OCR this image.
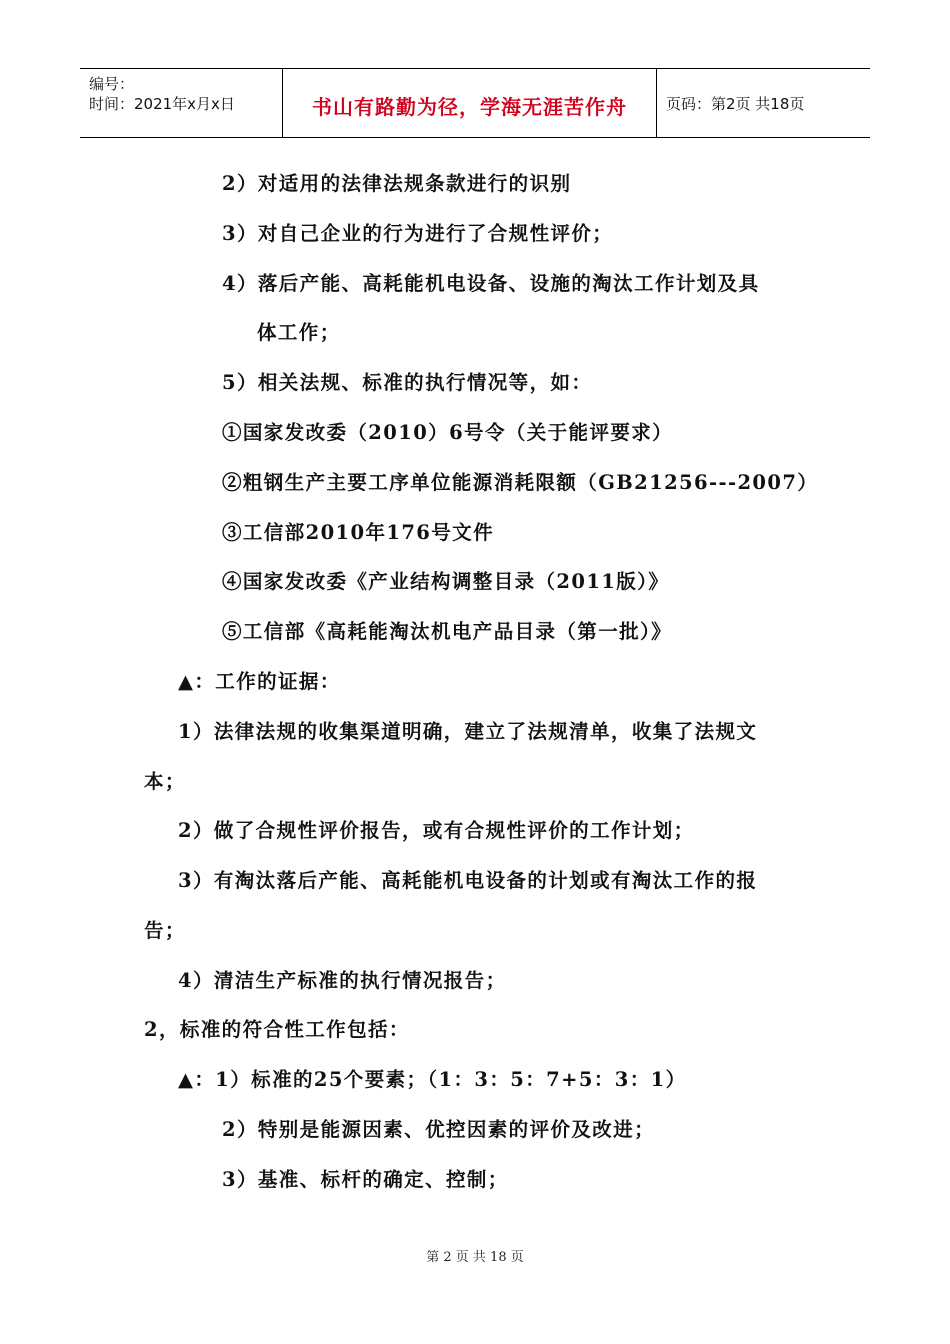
编号：
时间：2021年x月x日	书山有路勤为径，学海无涯苦作舟	页码：第2页 共18页
2）对适用的法律法规条款进行的识别
3）对自己企业的行为进行了合规性评价；
4）落后产能、高耗能机电设备、设施的淘汰工作计划及具
体工作；
5）相关法规、标准的执行情况等，如：
①国家发改委（2010）6号令（关于能评要求）
②粗钢生产主要工序单位能源消耗限额（GB21256---2007）
③工信部2010年176号文件
④国家发改委《产业结构调整目录（2011版）》
⑤工信部《高耗能淘汰机电产品目录（第一批）》
▲：工作的证据：
1）法律法规的收集渠道明确，建立了法规清单，收集了法规文
本；
2）做了合规性评价报告，或有合规性评价的工作计划；
3）有淘汰落后产能、高耗能机电设备的计划或有淘汰工作的报
告；
4）清洁生产标准的执行情况报告；
2，标准的符合性工作包括：
▲：1）标准的25个要素；（1：3：5：7+5：3：1）
2）特别是能源因素、优控因素的评价及改进；
3）基准、标杆的确定、控制；
第 2 页 共 18 页
